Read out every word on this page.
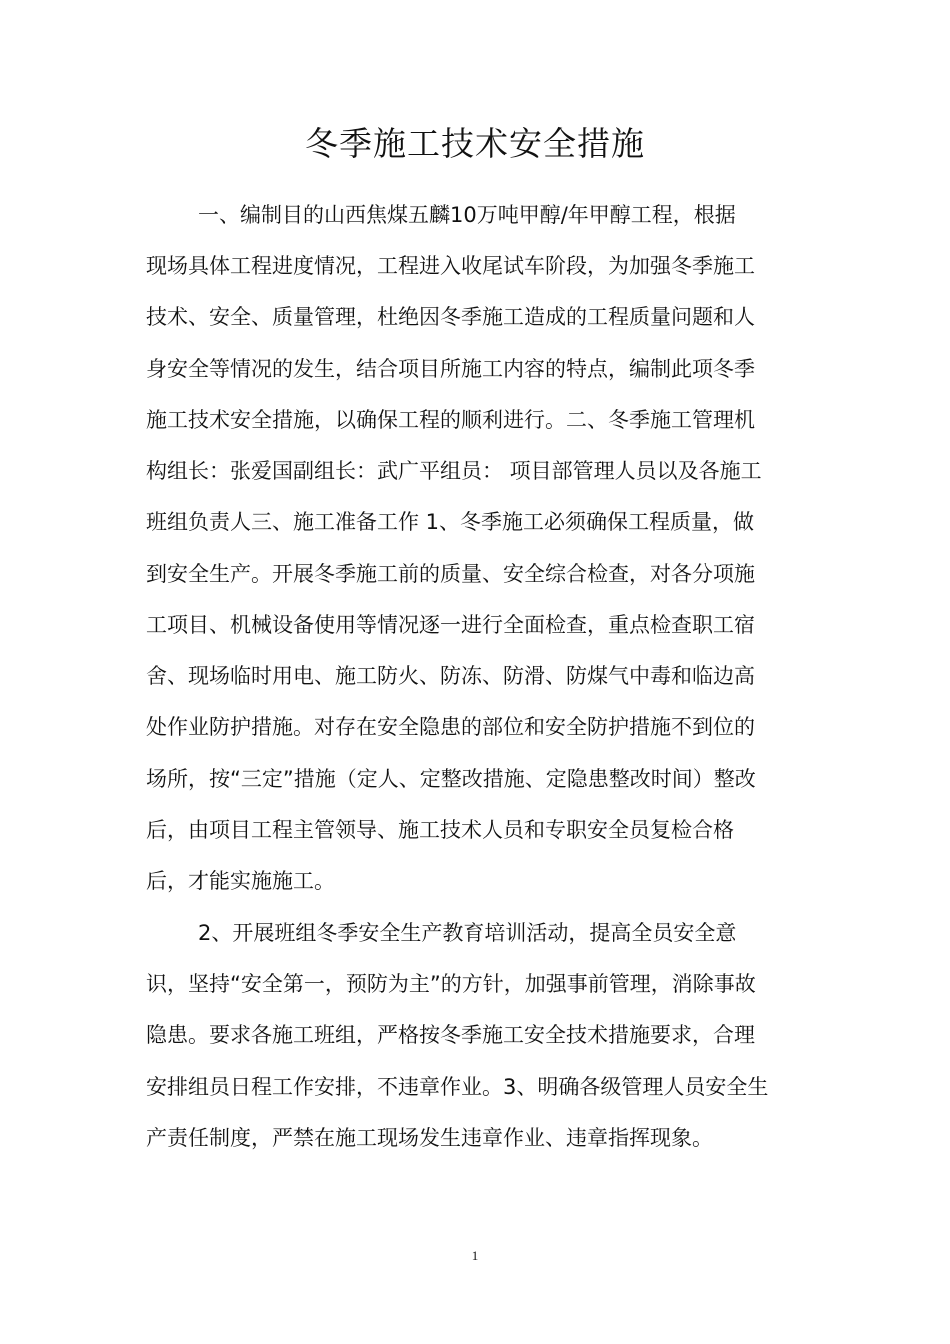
冬季施工技术安全措施
一、编制目的山西焦煤五麟10万吨甲醇/年甲醇工程，根据
现场具体工程进度情况，工程进入收尾试车阶段，为加强冬季施工
技术、安全、质量管理，杜绝因冬季施工造成的工程质量问题和人
身安全等情况的发生，结合项目所施工内容的特点，编制此项冬季
施工技术安全措施，以确保工程的顺利进行。二、冬季施工管理机
构组长：张爱国副组长：武广平组员： 项目部管理人员以及各施工
班组负责人三、施工准备工作 1、冬季施工必须确保工程质量，做
到安全生产。开展冬季施工前的质量、安全综合检查，对各分项施
工项目、机械设备使用等情况逐一进行全面检查，重点检查职工宿
舍、现场临时用电、施工防火、防冻、防滑、防煤气中毒和临边高
处作业防护措施。对存在安全隐患的部位和安全防护措施不到位的
场所，按“三定”措施（定人、定整改措施、定隐患整改时间）整改
后，由项目工程主管领导、施工技术人员和专职安全员复检合格
后，才能实施施工。
2、开展班组冬季安全生产教育培训活动，提高全员安全意
识，坚持“安全第一，预防为主”的方针，加强事前管理，消除事故
隐患。要求各施工班组，严格按冬季施工安全技术措施要求，合理
安排组员日程工作安排，不违章作业。3、明确各级管理人员安全生
产责任制度，严禁在施工现场发生违章作业、违章指挥现象。
1
